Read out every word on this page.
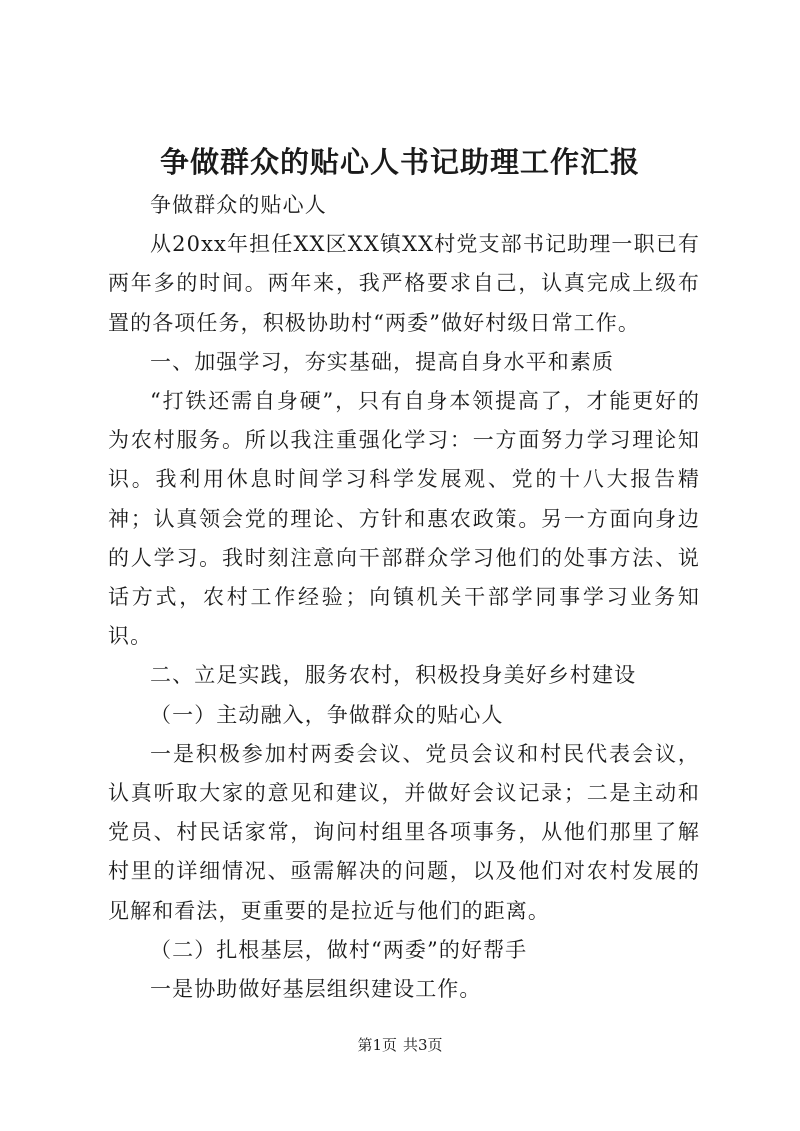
争做群众的贴心人书记助理工作汇报

争做群众的贴心人

从20xx年担任XX区XX镇XX村党支部书记助理一职已有两年多的时间。两年来，我严格要求自己，认真完成上级布置的各项任务，积极协助村“两委”做好村级日常工作。

一、加强学习，夯实基础，提高自身水平和素质

“打铁还需自身硬”，只有自身本领提高了，才能更好的为农村服务。所以我注重强化学习：一方面努力学习理论知识。我利用休息时间学习科学发展观、党的十八大报告精神；认真领会党的理论、方针和惠农政策。另一方面向身边的人学习。我时刻注意向干部群众学习他们的处事方法、说话方式，农村工作经验；向镇机关干部学同事学习业务知识。

二、立足实践，服务农村，积极投身美好乡村建设

（一）主动融入，争做群众的贴心人

一是积极参加村两委会议、党员会议和村民代表会议，认真听取大家的意见和建议，并做好会议记录；二是主动和党员、村民话家常，询问村组里各项事务，从他们那里了解村里的详细情况、亟需解决的问题，以及他们对农村发展的见解和看法，更重要的是拉近与他们的距离。

（二）扎根基层，做村“两委”的好帮手

一是协助做好基层组织建设工作。

第1页 共3页
